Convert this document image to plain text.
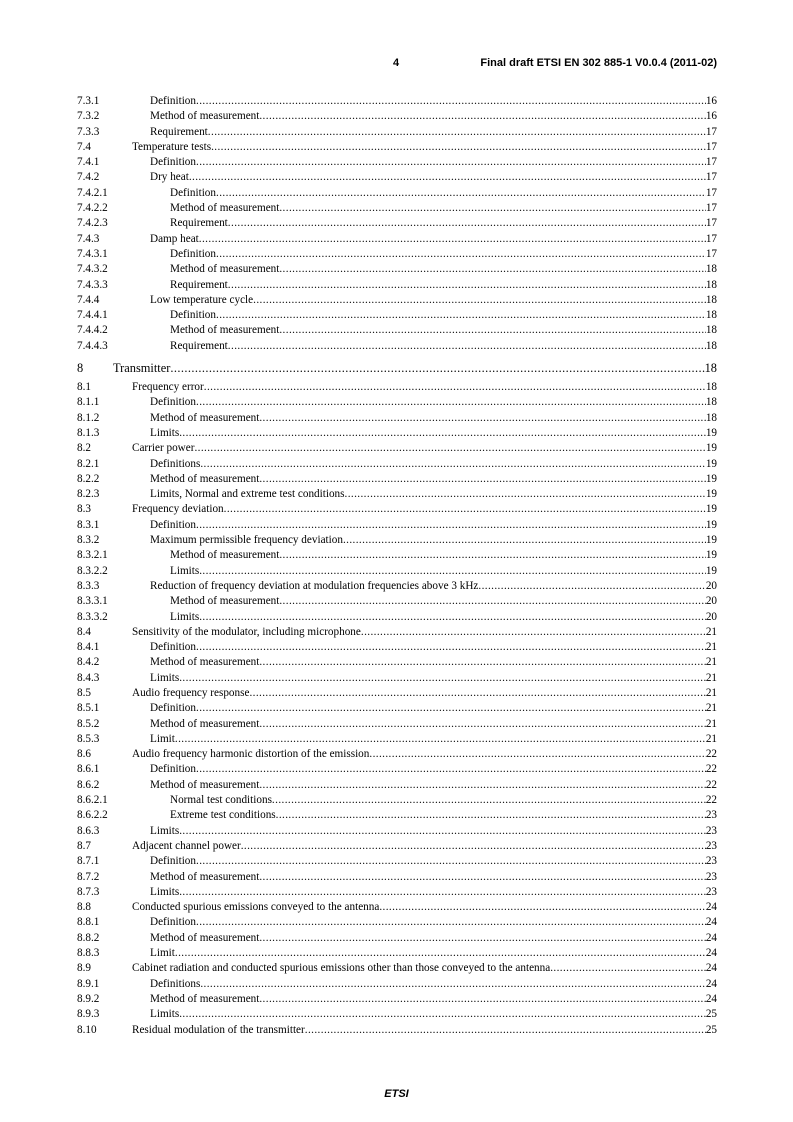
4	Final draft ETSI EN 302 885-1 V0.0.4 (2011-02)
7.3.1	Definition .....	16
7.3.2	Method of measurement .....	16
7.3.3	Requirement .....	17
7.4	Temperature tests .....	17
7.4.1	Definition .....	17
7.4.2	Dry heat .....	17
7.4.2.1	Definition .....	17
7.4.2.2	Method of measurement .....	17
7.4.2.3	Requirement .....	17
7.4.3	Damp heat .....	17
7.4.3.1	Definition .....	17
7.4.3.2	Method of measurement .....	18
7.4.3.3	Requirement .....	18
7.4.4	Low temperature cycle .....	18
7.4.4.1	Definition .....	18
7.4.4.2	Method of measurement .....	18
7.4.4.3	Requirement .....	18
8	Transmitter .....	18
8.1	Frequency error .....	18
8.1.1	Definition .....	18
8.1.2	Method of measurement .....	18
8.1.3	Limits .....	19
8.2	Carrier power .....	19
8.2.1	Definitions .....	19
8.2.2	Method of measurement .....	19
8.2.3	Limits, Normal and extreme test conditions .....	19
8.3	Frequency deviation .....	19
8.3.1	Definition .....	19
8.3.2	Maximum permissible frequency deviation .....	19
8.3.2.1	Method of measurement .....	19
8.3.2.2	Limits .....	19
8.3.3	Reduction of frequency deviation at modulation frequencies above 3 kHz .....	20
8.3.3.1	Method of measurement .....	20
8.3.3.2	Limits .....	20
8.4	Sensitivity of the modulator, including microphone .....	21
8.4.1	Definition .....	21
8.4.2	Method of measurement .....	21
8.4.3	Limits .....	21
8.5	Audio frequency response .....	21
8.5.1	Definition .....	21
8.5.2	Method of measurement .....	21
8.5.3	Limit .....	21
8.6	Audio frequency harmonic distortion of the emission .....	22
8.6.1	Definition .....	22
8.6.2	Method of measurement .....	22
8.6.2.1	Normal test conditions .....	22
8.6.2.2	Extreme test conditions .....	23
8.6.3	Limits .....	23
8.7	Adjacent channel power .....	23
8.7.1	Definition .....	23
8.7.2	Method of measurement .....	23
8.7.3	Limits .....	23
8.8	Conducted spurious emissions conveyed to the antenna .....	24
8.8.1	Definition .....	24
8.8.2	Method of measurement .....	24
8.8.3	Limit .....	24
8.9	Cabinet radiation and conducted spurious emissions other than those conveyed to the antenna .....	24
8.9.1	Definitions .....	24
8.9.2	Method of measurement .....	24
8.9.3	Limits .....	25
8.10	Residual modulation of the transmitter .....	25
ETSI
